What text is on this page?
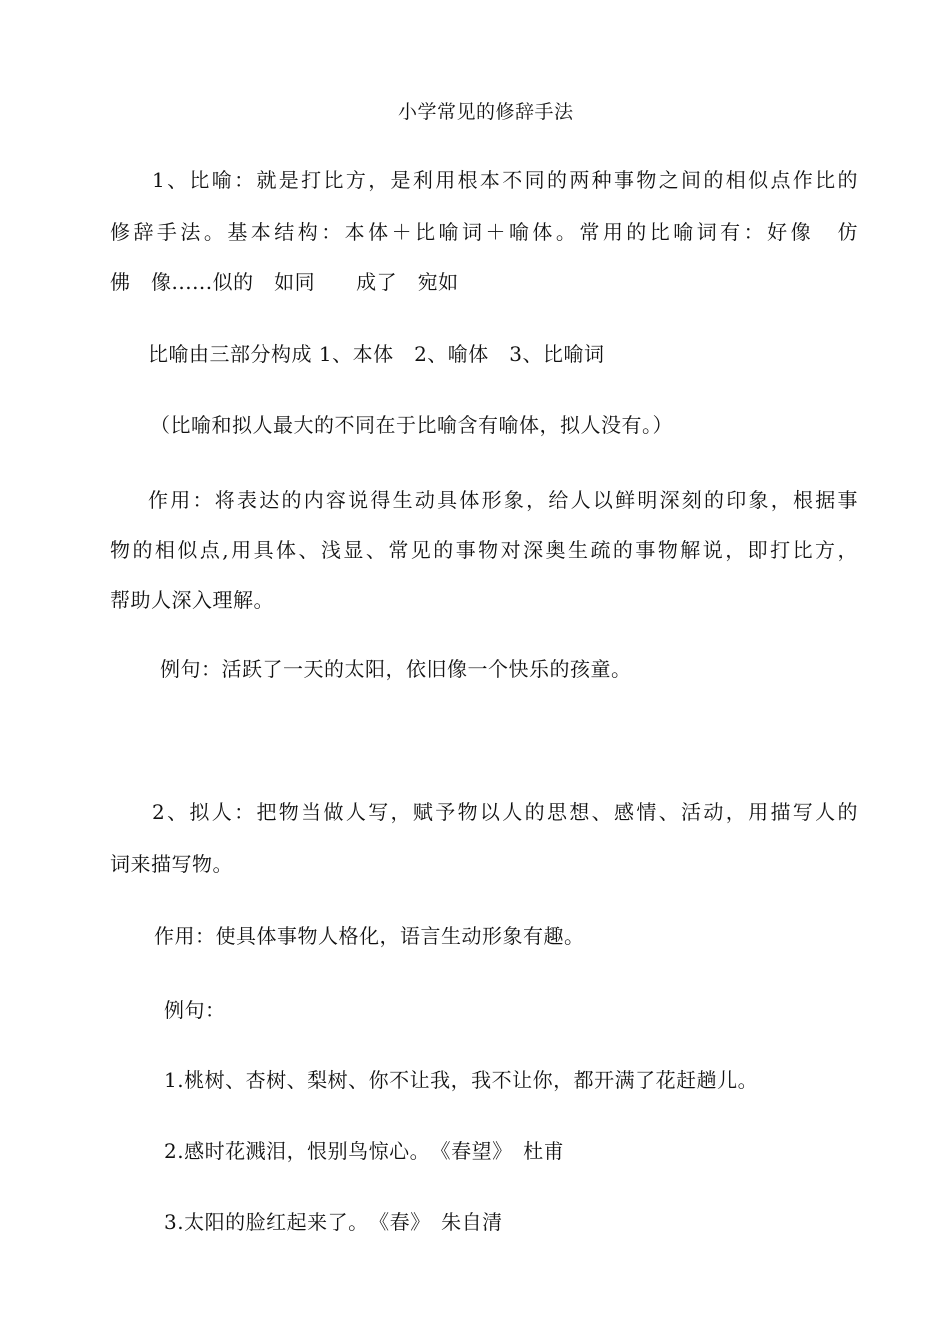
小学常见的修辞手法
1、比喻：就是打比方，是利用根本不同的两种事物之间的相似点作比的
修辞手法。基本结构：本体＋比喻词＋喻体。常用的比喻词有：好像　仿
佛　像......似的　如同　　成了　宛如
比喻由三部分构成 1、本体　2、喻体　3、比喻词
（比喻和拟人最大的不同在于比喻含有喻体，拟人没有。）
作用：将表达的内容说得生动具体形象，给人以鲜明深刻的印象，根据事
物的相似点,用具体、浅显、常见的事物对深奥生疏的事物解说，即打比方，
帮助人深入理解。
例句：活跃了一天的太阳，依旧像一个快乐的孩童。
2、拟人：把物当做人写，赋予物以人的思想、感情、活动，用描写人的
词来描写物。
作用：使具体事物人格化，语言生动形象有趣。
例句：
1.桃树、杏树、梨树、你不让我，我不让你，都开满了花赶趟儿。
2.感时花溅泪，恨别鸟惊心。　《春望》　杜甫
3.太阳的脸红起来了。　《春》　朱自清
